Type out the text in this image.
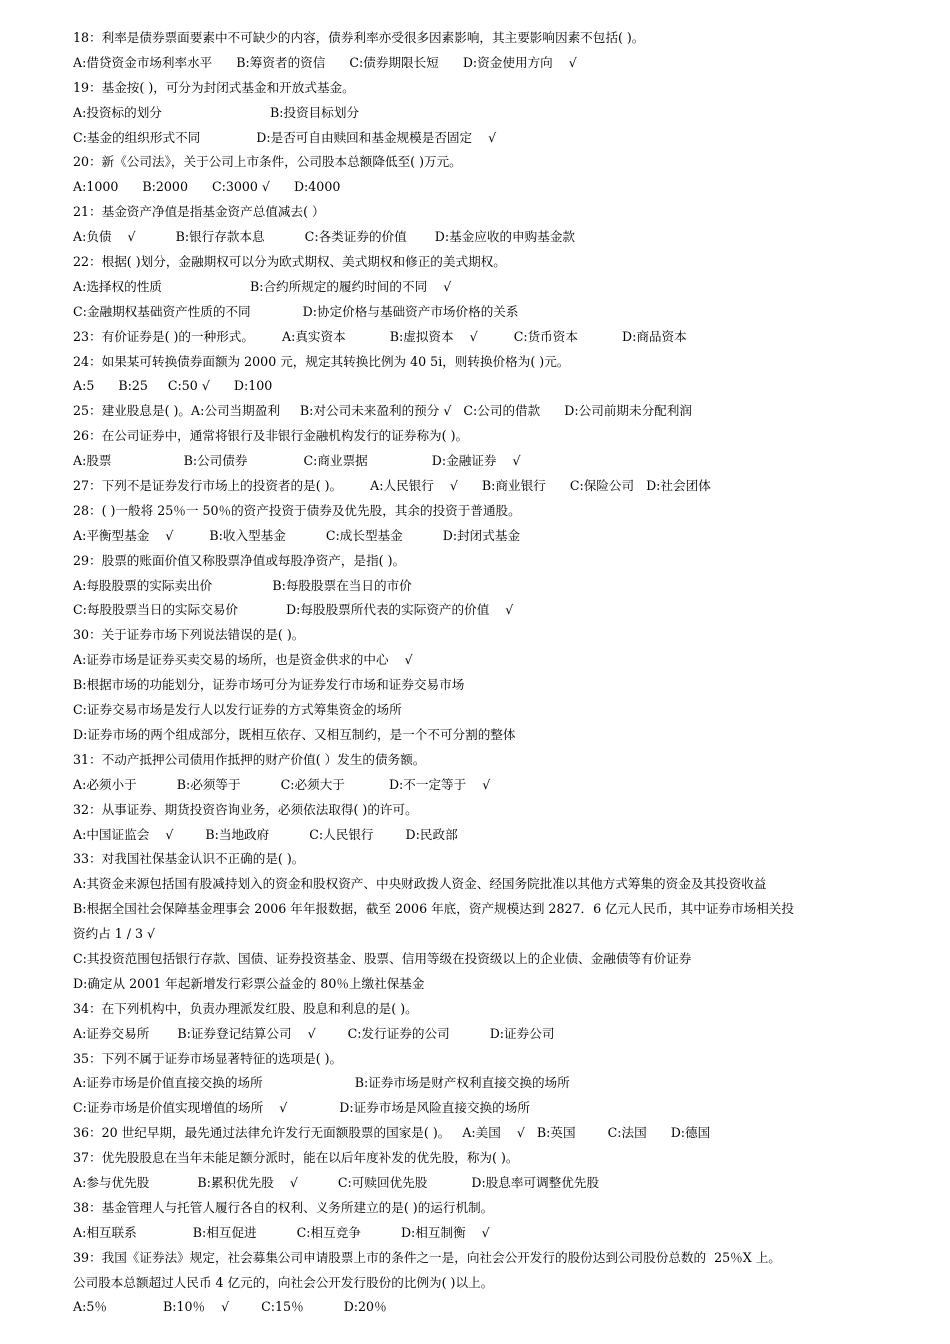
18：利率是债券票面要素中不可缺少的内容，债券利率亦受很多因素影响，其主要影响因素不包括( )。
A:借贷资金市场利率水平      B:筹资者的资信      C:债券期限长短      D:资金使用方向    √
19：基金按( )，可分为封闭式基金和开放式基金。
A:投资标的划分                           B:投资目标划分
C:基金的组织形式不同              D:是否可自由赎回和基金规模是否固定    √
20：新《公司法》，关于公司上市条件，公司股本总额降低至( )万元。
A:1000      B:2000      C:3000 √      D:4000
21：基金资产净值是指基金资产总值减去( ）
A:负债    √          B:银行存款本息          C:各类证券的价值       D:基金应收的申购基金款
22：根据( )划分，金融期权可以分为欧式期权、美式期权和修正的美式期权。
A:选择权的性质                      B:合约所规定的履约时间的不同    √
C:金融期权基础资产性质的不同             D:协定价格与基础资产市场价格的关系
23：有价证券是( )的一种形式。       A:真实资本           B:虚拟资本    √         C:货币资本           D:商品资本
24：如果某可转换债券面额为 2000 元，规定其转换比例为 40 5i，则转换价格为( )元。
A:5      B:25     C:50 √      D:100
25：建业股息是( )。A:公司当期盈利     B:对公司未来盈利的预分 √   C:公司的借款      D:公司前期未分配利润
26：在公司证券中，通常将银行及非银行金融机构发行的证券称为( )。
A:股票                  B:公司债券              C:商业票据                D:金融证券    √
27：下列不是证券发行市场上的投资者的是( )。       A:人民银行    √      B:商业银行      C:保险公司   D:社会团体
28：( )一般将 25％一 50％的资产投资于债券及优先股，其余的投资于普通股。
A:平衡型基金    √         B:收入型基金          C:成长型基金          D:封闭式基金
29：股票的账面价值又称股票净值或每股净资产，是指( )。
A:每股股票的实际卖出价               B:每股股票在当日的市价
C:每股股票当日的实际交易价            D:每股股票所代表的实际资产的价值    √
30：关于证券市场下列说法错误的是( )。
A:证券市场是证券买卖交易的场所，也是资金供求的中心    √
B:根据市场的功能划分，证券市场可分为证券发行市场和证券交易市场
C:证券交易市场是发行人以发行证券的方式筹集资金的场所
D:证券市场的两个组成部分，既相互依存、又相互制约，是一个不可分割的整体
31：不动产抵押公司债用作抵押的财产价值( ）发生的债务额。
A:必须小于          B:必须等于          C:必须大于           D:不一定等于    √
32：从事证券、期货投资咨询业务，必须依法取得( )的许可。
A:中国证监会    √        B:当地政府          C:人民银行        D:民政部
33：对我国社保基金认识不正确的是( )。
A:其资金来源包括国有股减持划入的资金和股权资产、中央财政拨人资金、经国务院批准以其他方式筹集的资金及其投资收益
B:根据全国社会保障基金理事会 2006 年年报数据，截至 2006 年底，资产规模达到 2827．6 亿元人民币，其中证券市场相关投
资约占 1 / 3 √
C:其投资范围包括银行存款、国债、证券投资基金、股票、信用等级在投资级以上的企业债、金融债等有价证券
D:确定从 2001 年起新增发行彩票公益金的 80％上缴社保基金
34：在下列机构中，负责办理派发红股、股息和利息的是( )。
A:证券交易所       B:证券登记结算公司    √        C:发行证券的公司          D:证券公司
35：下列不属于证券市场显著特征的选项是( )。
A:证券市场是价值直接交换的场所                       B:证券市场是财产权利直接交换的场所
C:证券市场是价值实现增值的场所    √             D:证券市场是风险直接交换的场所
36：20 世纪早期，最先通过法律允许发行无面额股票的国家是( )。   A:美国    √   B:英国        C:法国      D:德国
37：优先股股息在当年未能足额分派时，能在以后年度补发的优先股，称为( )。
A:参与优先股            B:累积优先股    √          C:可赎回优先股           D:股息率可调整优先股
38：基金管理人与托管人履行各自的权利、义务所建立的是( )的运行机制。
A:相互联系              B:相互促进          C:相互竞争          D:相互制衡    √
39：我国《证券法》规定，社会募集公司申请股票上市的条件之一是，向社会公开发行的股份达到公司股份总数的  25％X 上。
公司股本总额超过人民币 4 亿元的，向社会公开发行股份的比例为( )以上。
A:5％              B:10％    √        C:15％          D:20％
